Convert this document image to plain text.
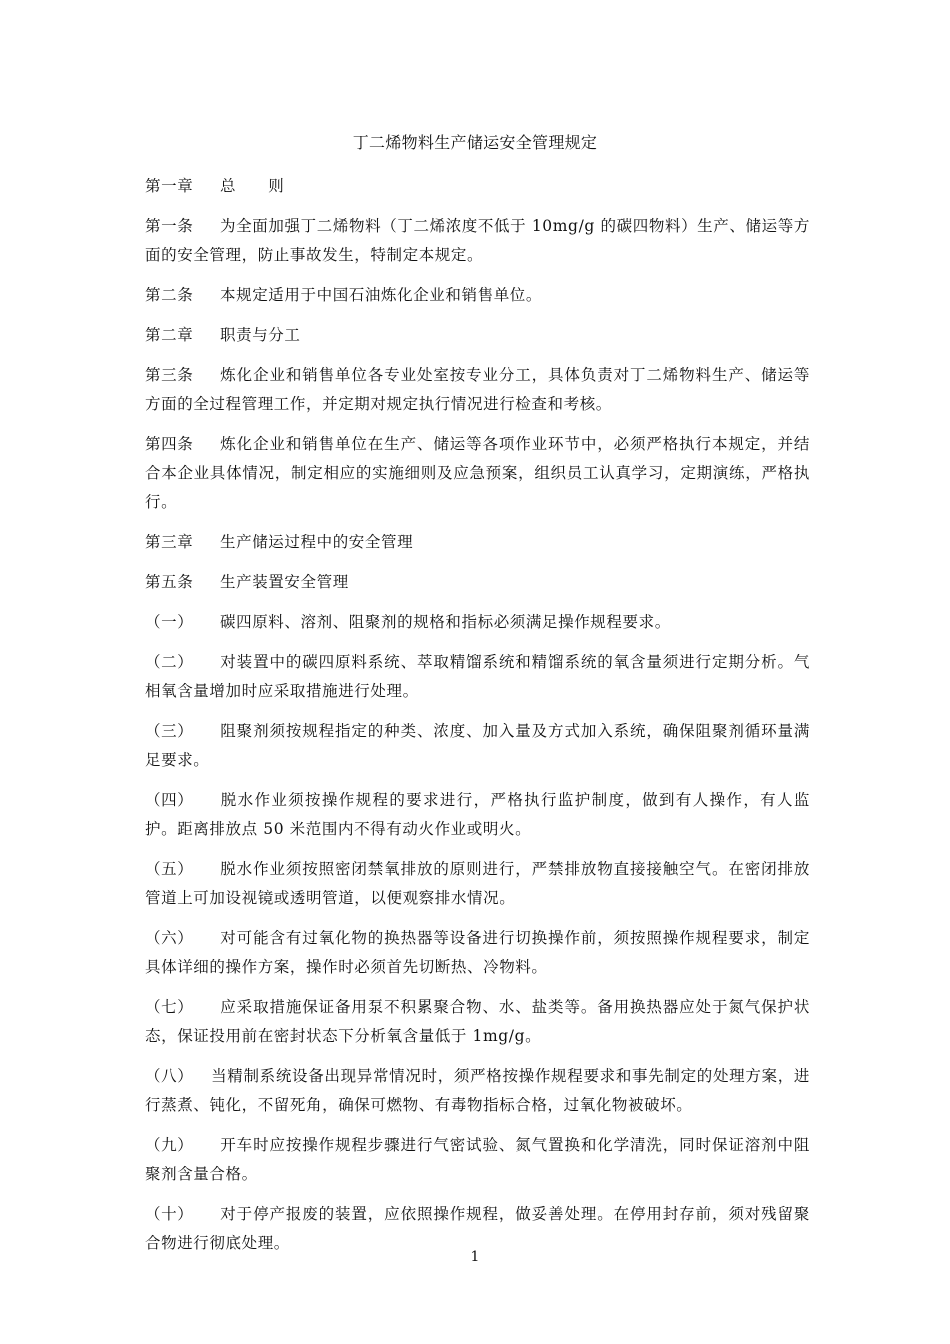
丁二烯物料生产储运安全管理规定

第一章 总　　则

第一条 为全面加强丁二烯物料（丁二烯浓度不低于 10mg/g 的碳四物料）生产、储运等方面的安全管理，防止事故发生，特制定本规定。

第二条 本规定适用于中国石油炼化企业和销售单位。

第二章 职责与分工

第三条 炼化企业和销售单位各专业处室按专业分工，具体负责对丁二烯物料生产、储运等方面的全过程管理工作，并定期对规定执行情况进行检查和考核。

第四条 炼化企业和销售单位在生产、储运等各项作业环节中，必须严格执行本规定，并结合本企业具体情况，制定相应的实施细则及应急预案，组织员工认真学习，定期演练，严格执行。

第三章 生产储运过程中的安全管理

第五条 生产装置安全管理

（一） 碳四原料、溶剂、阻聚剂的规格和指标必须满足操作规程要求。

（二） 对装置中的碳四原料系统、萃取精馏系统和精馏系统的氧含量须进行定期分析。气相氧含量增加时应采取措施进行处理。

（三） 阻聚剂须按规程指定的种类、浓度、加入量及方式加入系统，确保阻聚剂循环量满足要求。

（四） 脱水作业须按操作规程的要求进行，严格执行监护制度，做到有人操作，有人监护。距离排放点 50 米范围内不得有动火作业或明火。

（五） 脱水作业须按照密闭禁氧排放的原则进行，严禁排放物直接接触空气。在密闭排放管道上可加设视镜或透明管道，以便观察排水情况。

（六） 对可能含有过氧化物的换热器等设备进行切换操作前，须按照操作规程要求，制定具体详细的操作方案，操作时必须首先切断热、冷物料。

（七） 应采取措施保证备用泵不积累聚合物、水、盐类等。备用换热器应处于氮气保护状态，保证投用前在密封状态下分析氧含量低于 1mg/g。

（八） 当精制系统设备出现异常情况时，须严格按操作规程要求和事先制定的处理方案，进行蒸煮、钝化，不留死角，确保可燃物、有毒物指标合格，过氧化物被破坏。

（九） 开车时应按操作规程步骤进行气密试验、氮气置换和化学清洗，同时保证溶剂中阻聚剂含量合格。

（十） 对于停产报废的装置，应依照操作规程，做妥善处理。在停用封存前，须对残留聚合物进行彻底处理。

1
